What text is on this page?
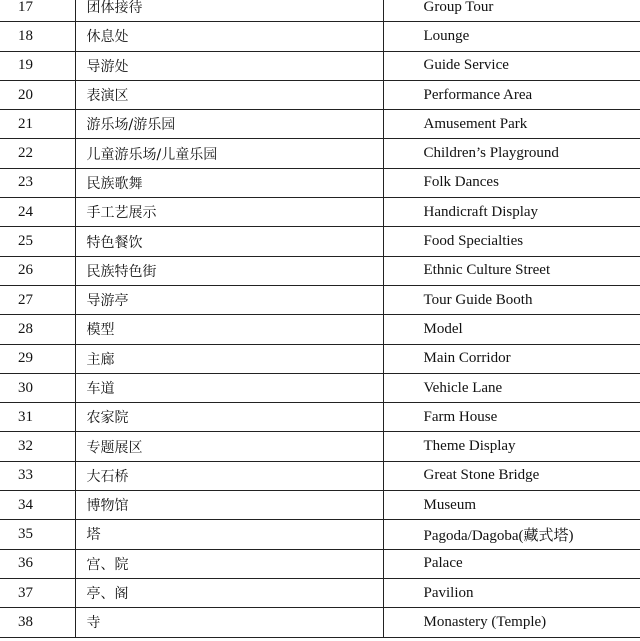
17	团体接待	Group Tour
18	休息处	Lounge
19	导游处	Guide Service
20	表演区	Performance Area
21	游乐场/游乐园	Amusement Park
22	儿童游乐场/儿童乐园	Children’s Playground
23	民族歌舞	Folk Dances
24	手工艺展示	Handicraft Display
25	特色餐饮	Food Specialties
26	民族特色街	Ethnic Culture Street
27	导游亭	Tour Guide Booth
28	模型	Model
29	主廊	Main Corridor
30	车道	Vehicle Lane
31	农家院	Farm House
32	专题展区	Theme Display
33	大石桥	Great Stone Bridge
34	博物馆	Museum
35	塔	Pagoda/Dagoba(藏式塔)
36	宫、院	Palace
37	亭、阁	Pavilion
38	寺	Monastery (Temple)
